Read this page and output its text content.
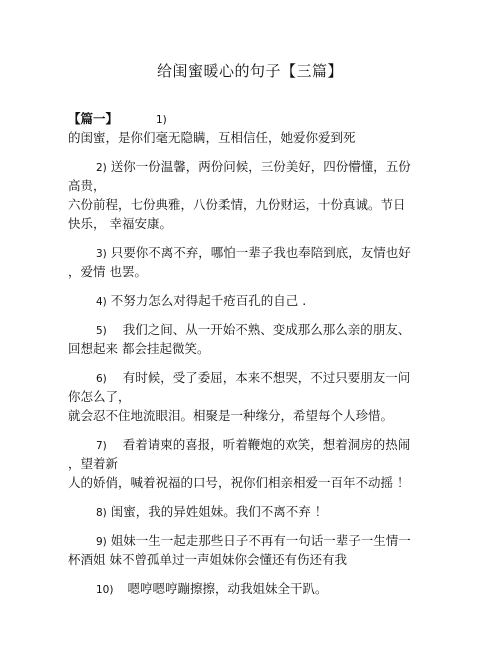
给闺蜜暖心的句子【三篇】
【篇一】	1)
的闺蜜，是你们毫无隐瞒，互相信任，她爱你爱到死
2) 送你一份温馨，两份问候，三份美好，四份懵懂，五份
高贵，
六份前程，七份典雅，八份柔情，九份财运，十份真诚。节日
快乐， 幸福安康。
3) 只要你不离不弃，哪怕一辈子我也奉陪到底，友情也好
，爱情 也罢。
4) 不努力怎么对得起千疮百孔的自己 .
5) 我们之间、从一开始不熟、变成那么那么亲的朋友、
回想起来 都会挂起微笑。
6) 有时候，受了委屈，本来不想哭，不过只要朋友一问
你怎么了，
就会忍不住地流眼泪。相聚是一种缘分，希望每个人珍惜。
7) 看着请柬的喜报，听着鞭炮的欢笑，想着洞房的热闹
，望着新
人的娇俏，喊着祝福的口号，祝你们相亲相爱一百年不动摇 ！
8) 闺蜜，我的异姓姐妹。我们不离不弃 ！
9) 姐妹一生一起走那些日子不再有一句话一辈子一生情一
杯酒姐 妹不曾孤单过一声姐妹你会懂还有伤还有我
10) 嗯哼嗯哼蹦擦擦，动我姐妹全干趴。
